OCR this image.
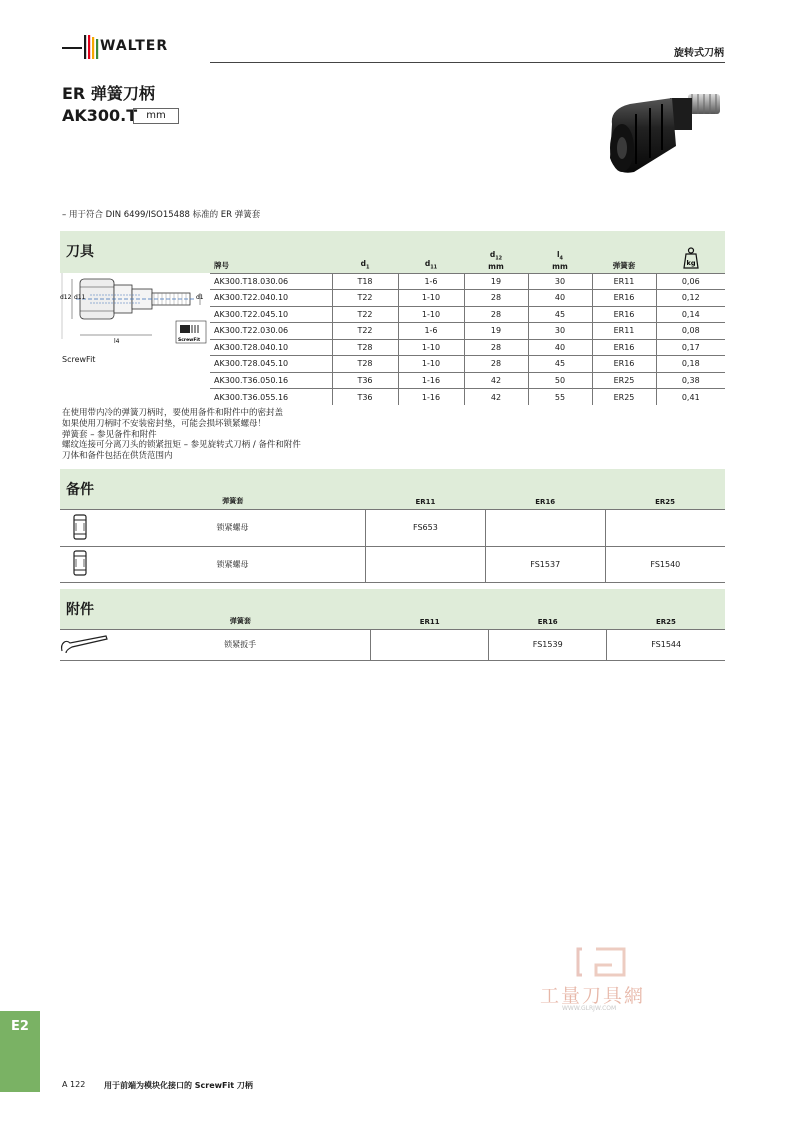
WALTER	旋转式刀柄
ER 弹簧刀柄
AK300.T mm
– 用于符合 DIN 6499/ISO15488 标准的 ER 弹簧套
刀具
牌号	$d_1$	$d_{11}$	$d_{12}$
mm	$l_4$
mm	弹簧套	kg

AK300.T18.030.06	T18	1-6	19	30	ER11	0,06
AK300.T22.040.10	T22	1-10	28	40	ER16	0,12
AK300.T22.045.10	T22	1-10	28	45	ER16	0,14
AK300.T22.030.06	T22	1-6	19	30	ER11	0,08
AK300.T28.040.10	T28	1-10	28	40	ER16	0,17
AK300.T28.045.10	T28	1-10	28	45	ER16	0,18
AK300.T36.050.16	T36	1-16	42	50	ER25	0,38
AK300.T36.055.16	T36	1-16	42	55	ER25	0,41
d12 d11	d1
l4	ScrewFit
ScrewFit
在使用带内冷的弹簧刀柄时，要使用备件和附件中的密封盖
如果使用刀柄时不安装密封垫，可能会损坏锁紧螺母！
弹簧套 – 参见备件和附件
螺纹连接可分离刀头的锁紧扭矩 – 参见旋转式刀柄 / 备件和附件
刀体和备件包括在供货范围内
备件
	弹簧套	ER11	ER16	ER25
	锁紧螺母	FS653		
	锁紧螺母		FS1537	FS1540
附件
	弹簧套	ER11	ER16	ER25
	锁紧扳手		FS1539	FS1544
工量刀具網
WWW.GLRJW.COM
E2
A 122 用于前端为模块化接口的 ScrewFit 刀柄
